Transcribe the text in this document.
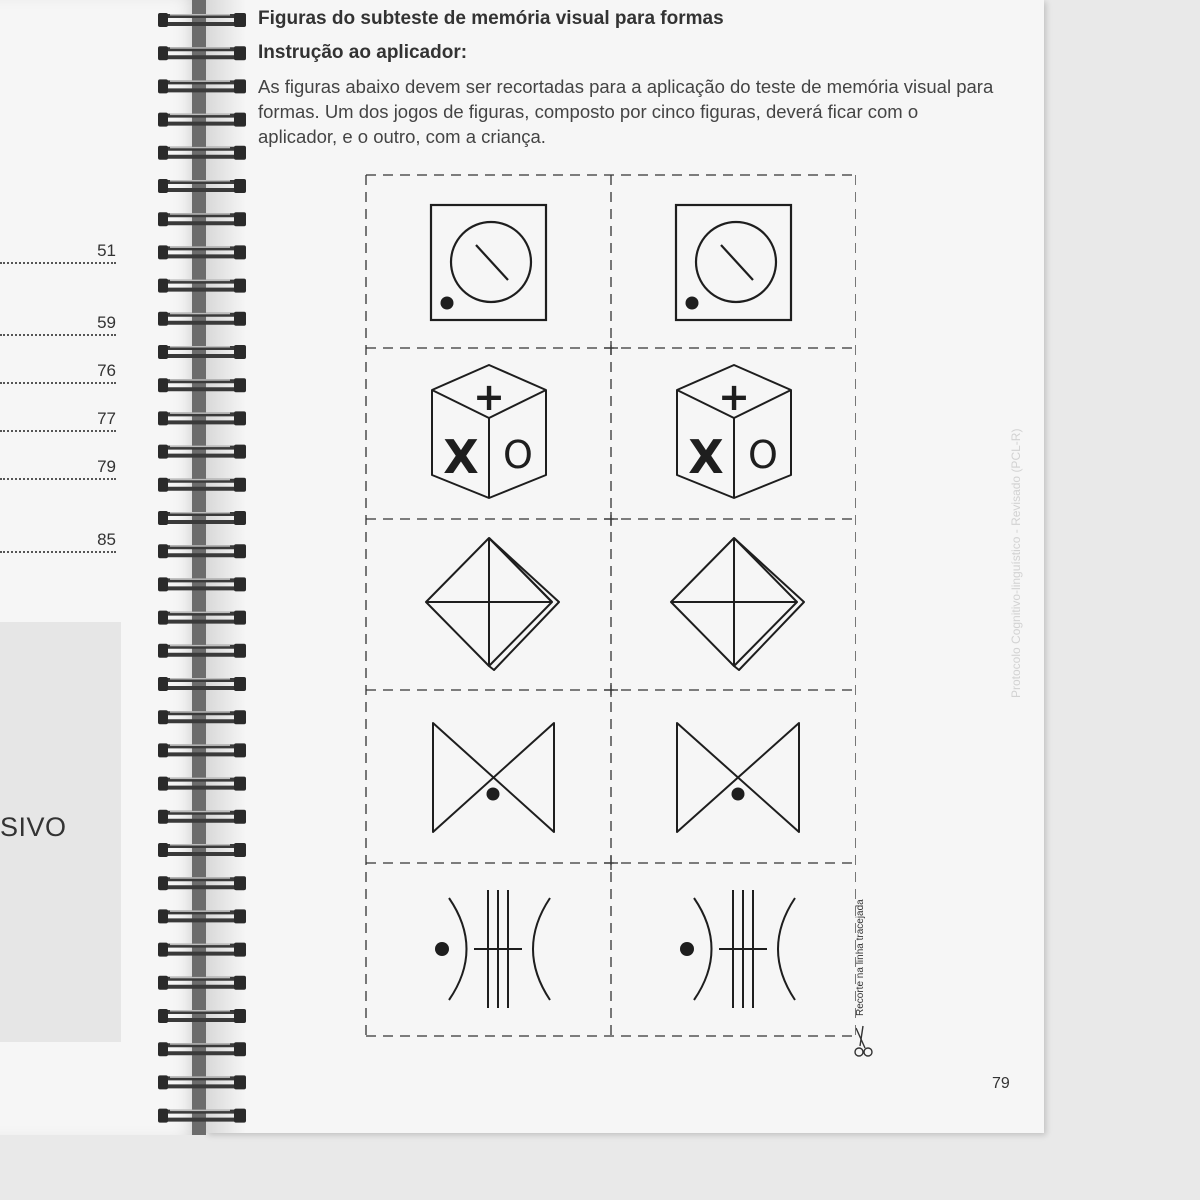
51
59
76
77
79
85
SIVO
Figuras do subteste de memória visual para formas
Instrução ao aplicador:

As figuras abaixo devem ser recortadas para a aplicação do teste de memória visual para formas. Um dos jogos de figuras, composto por cinco figuras, deverá ficar com o aplicador, e o outro, com a criança.

+
X O
+
X O
Recorte na linha tracejada
79
Protocolo Cognitivo-linguístico - Revisado (PCL-R)
